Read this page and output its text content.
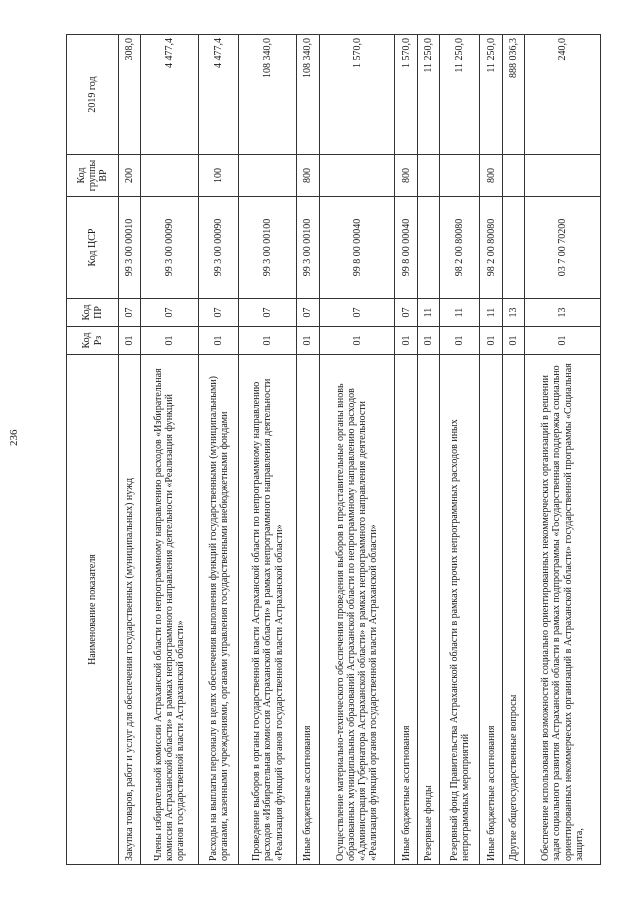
236
Наименование показателя	Код Рз	Код ПР	Код ЦСР	Код группы ВР	2019 год
Закупка товаров, работ и услуг для обеспечения государственных (муниципальных) нужд	01	07	99 3 00 00010	200	308,0
Члены избирательной комиссии Астраханской области по непрограммному направлению расходов «Избирательная комиссия Астраханской области» в рамках непрограммного направления деятельности «Реализация функций органов государственной власти Астраханской области»	01	07	99 3 00 00090		4 477,4
Расходы на выплаты персоналу в целях обеспечения выполнения функций государственными (муниципальными) органами, казенными учреждениями, органами управления государственными внебюджетными фондами	01	07	99 3 00 00090	100	4 477,4
Проведение выборов в органы государственной власти Астраханской области по непрограммному направлению расходов «Избирательная комиссия Астраханской области» в рамках непрограммного направления деятельности «Реализация функций органов государственной власти Астраханской области»	01	07	99 3 00 00100		108 340,0
Иные бюджетные ассигнования	01	07	99 3 00 00100	800	108 340,0
Осуществление материально-технического обеспечения проведения выборов в представительные органы вновь образованных муниципальных образований Астраханской области по непрограммному направлению расходов «Администрация Губернатора Астраханской области» в рамках непрограммного направления деятельности «Реализация функций органов государственной власти Астраханской области»	01	07	99 8 00 00040		1 570,0
Иные бюджетные ассигнования	01	07	99 8 00 00040	800	1 570,0
Резервные фонды	01	11			11 250,0
Резервный фонд Правительства Астраханской области в рамках прочих непрограммных расходов иных непрограммных мероприятий	01	11	98 2 00 80080		11 250,0
Иные бюджетные ассигнования	01	11	98 2 00 80080	800	11 250,0
Другие общегосударственные вопросы	01	13			888 036,3
Обеспечение использования возможностей социально ориентированных некоммерческих организаций в решении задач социального развития Астраханской области в рамках подпрограммы «Государственная поддержка социально ориентированных некоммерческих организаций в Астраханской области» государственной программы «Социальная защита,	01	13	03 7 00 70200		240,0
